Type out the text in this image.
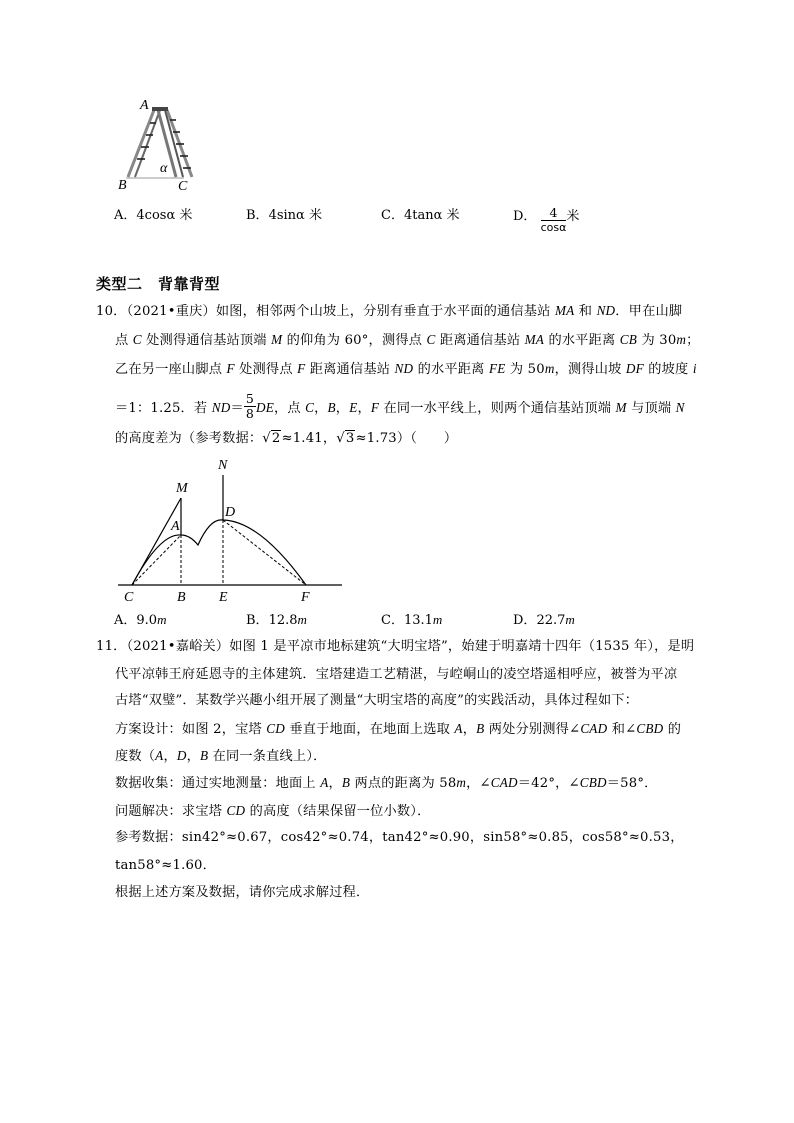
A
B	C
α
A．4cosα 米	B．4sinα 米	C．4tanα 米	D． $\frac{4}{\cos\alpha}$ 米
类型二　背靠背型
10．（2021•重庆）如图，相邻两个山坡上，分别有垂直于水平面的通信基站 MA 和 ND．甲在山脚
点 C 处测得通信基站顶端 M 的仰角为 60°，测得点 C 距离通信基站 MA 的水平距离 CB 为 30m；
乙在另一座山脚点 F 处测得点 F 距离通信基站 ND 的水平距离 FE 为 50m，测得山坡 DF 的坡度 i
＝1：1.25．若 $ND= \frac{5}{8}$ DE，点 C，B，E，F 在同一水平线上，则两个通信基站顶端 M 与顶端 N
的高度差为（参考数据：√2≈1.41，√3≈1.73）（　　）
M
N
A
D
C	B E	F
A．9.0m	B．12.8m	C．13.1m	D．22.7m
11．（2021•嘉峪关）如图 1 是平凉市地标建筑“大明宝塔”，始建于明嘉靖十四年（1535 年），是明
代平凉韩王府延恩寺的主体建筑．宝塔建造工艺精湛，与崆峒山的凌空塔遥相呼应，被誉为平凉
古塔“双璧”．某数学兴趣小组开展了测量“大明宝塔的高度”的实践活动，具体过程如下：
方案设计：如图 2，宝塔 CD 垂直于地面，在地面上选取 A，B 两处分别测得∠CAD 和∠CBD 的
度数（A，D，B 在同一条直线上）．
数据收集：通过实地测量：地面上 A，B 两点的距离为 58m，∠CAD＝42°，∠CBD＝58°．
问题解决：求宝塔 CD 的高度（结果保留一位小数）．
参考数据：sin42°≈0.67，cos42°≈0.74，tan42°≈0.90，sin58°≈0.85，cos58°≈0.53，
tan58°≈1.60．
根据上述方案及数据，请你完成求解过程．
